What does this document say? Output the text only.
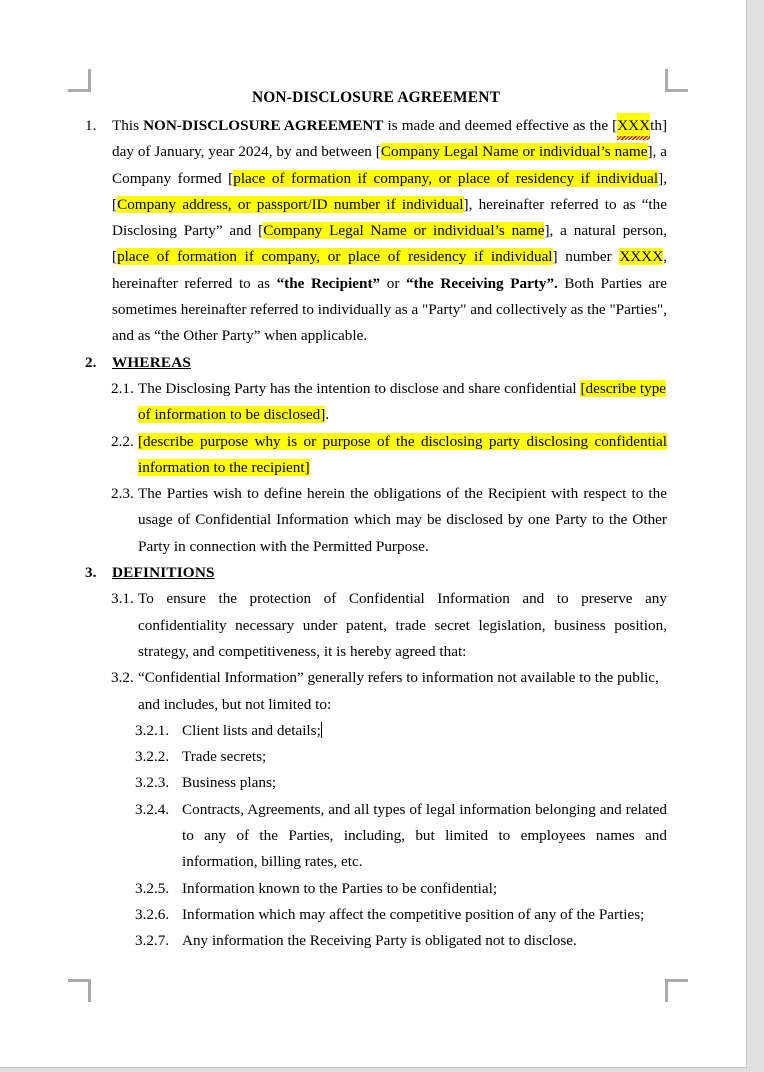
NON-DISCLOSURE AGREEMENT

1.	This NON-DISCLOSURE AGREEMENT is made and deemed effective as the [XXXth] day of January, year 2024, by and between [Company Legal Name or individual’s name], a Company formed [place of formation if company, or place of residency if individual], [Company address, or passport/ID number if individual], hereinafter referred to as “the Disclosing Party” and [Company Legal Name or individual’s name], a natural person, [place of formation if company, or place of residency if individual] number XXXX, hereinafter referred to as “the Recipient” or “the Receiving Party”. Both Parties are sometimes hereinafter referred to individually as a "Party" and collectively as the "Parties", and as “the Other Party” when applicable.

2. WHEREAS

2.1. The Disclosing Party has the intention to disclose and share confidential [describe type of information to be disclosed].

2.2. [describe purpose why is or purpose of the disclosing party disclosing confidential information to the recipient]

2.3. The Parties wish to define herein the obligations of the Recipient with respect to the usage of Confidential Information which may be disclosed by one Party to the Other Party in connection with the Permitted Purpose.

3. DEFINITIONS

3.1. To ensure the protection of Confidential Information and to preserve any confidentiality necessary under patent, trade secret legislation, business position, strategy, and competitiveness, it is hereby agreed that:

3.2. “Confidential Information” generally refers to information not available to the public, and includes, but not limited to:

3.2.1. Client lists and details;

3.2.2. Trade secrets;

3.2.3. Business plans;

3.2.4. Contracts, Agreements, and all types of legal information belonging and related to any of the Parties, including, but limited to employees names and information, billing rates, etc.

3.2.5. Information known to the Parties to be confidential;

3.2.6. Information which may affect the competitive position of any of the Parties;

3.2.7. Any information the Receiving Party is obligated not to disclose.
